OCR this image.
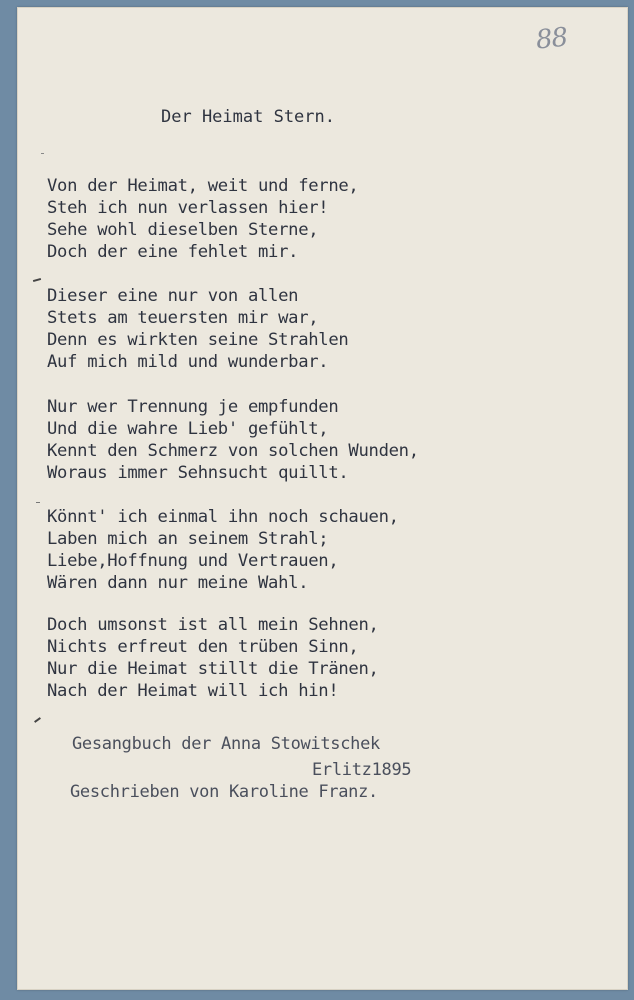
88
Der Heimat Stern.
Von der Heimat, weit und ferne,
Steh ich nun verlassen hier!
Sehe wohl dieselben Sterne,
Doch der eine fehlet mir.
Dieser eine nur von allen
Stets am teuersten mir war,
Denn es wirkten seine Strahlen
Auf mich mild und wunderbar.
Nur wer Trennung je empfunden
Und die wahre Lieb' gefühlt,
Kennt den Schmerz von solchen Wunden,
Woraus immer Sehnsucht quillt.
Könnt' ich einmal ihn noch schauen,
Laben mich an seinem Strahl;
Liebe,Hoffnung und Vertrauen,
Wären dann nur meine Wahl.
Doch umsonst ist all mein Sehnen,
Nichts erfreut den trüben Sinn,
Nur die Heimat stillt die Tränen,
Nach der Heimat will ich hin!
Gesangbuch der Anna Stowitschek
Erlitz1895
Geschrieben von Karoline Franz.
